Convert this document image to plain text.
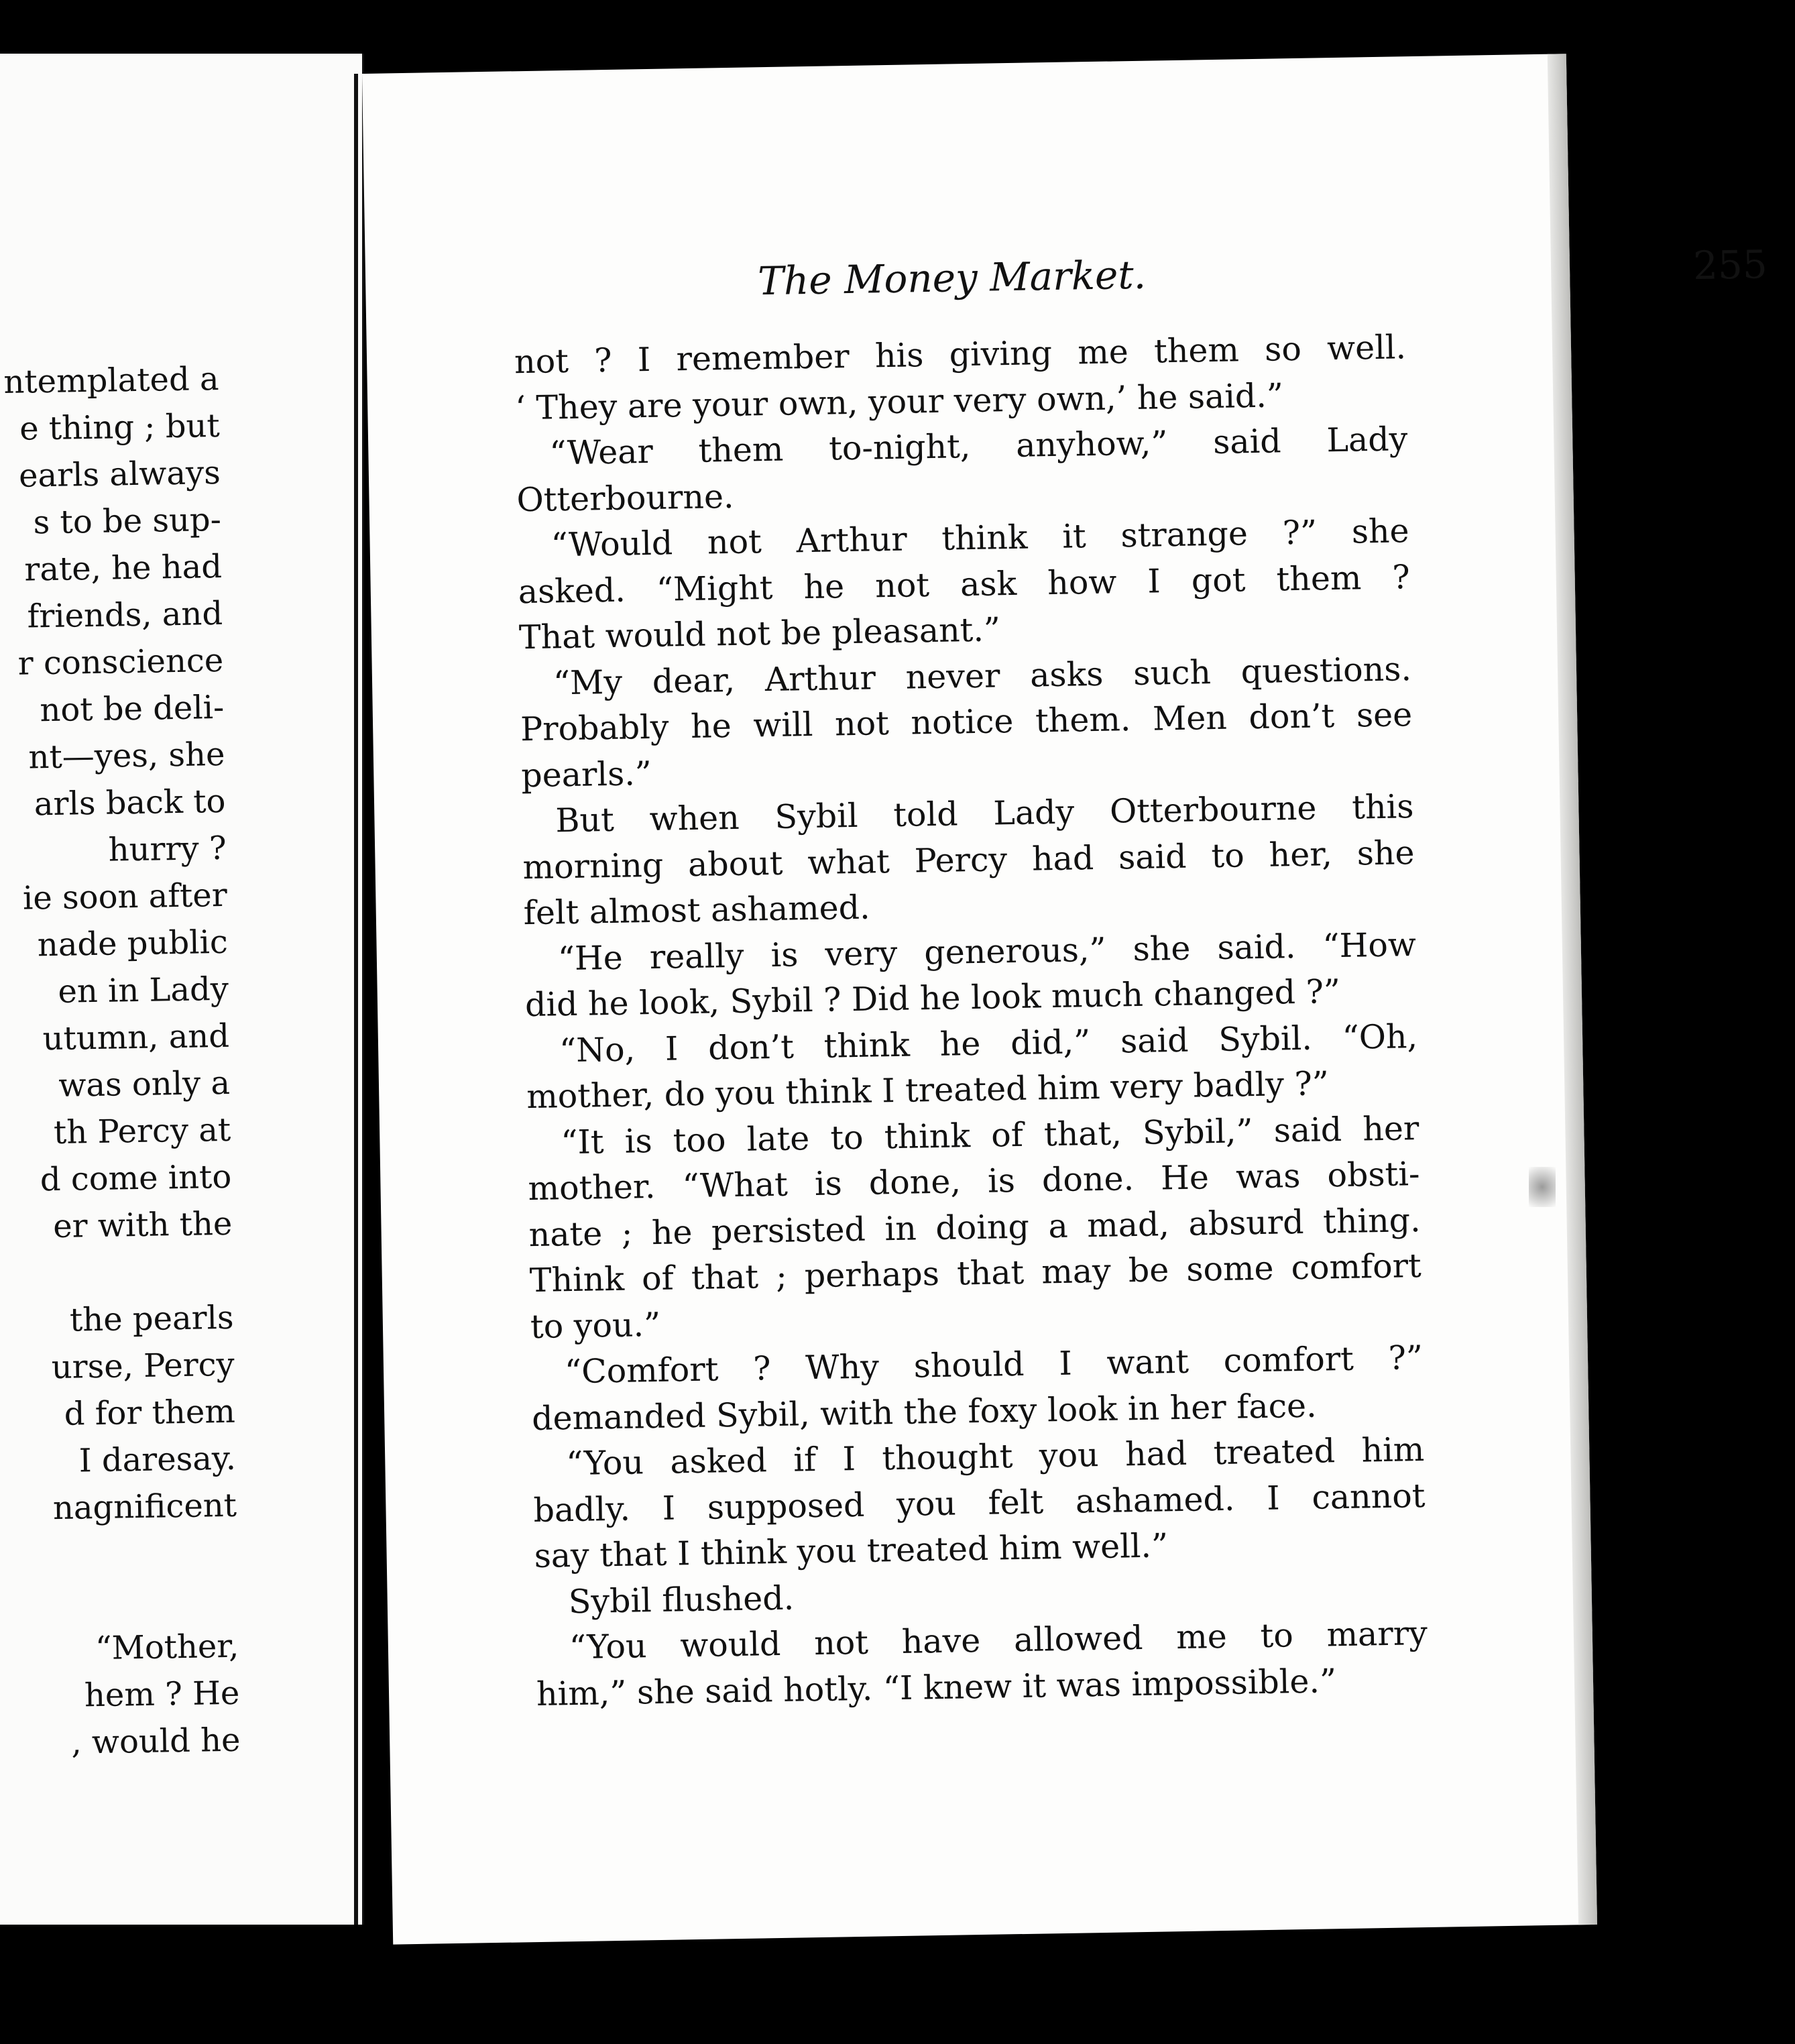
ntemplated a
e thing ; but
earls always
s to be sup-
rate, he had
friends, and
r conscience
not be deli-
nt—yes, she
arls back to
hurry ?
ie soon after
nade public
en in Lady
utumn, and
was only a
th Percy at
d come into
er with the
the pearls
urse, Percy
d for them
I daresay.
nagnificent
“Mother,
hem ? He
, would he
The Money Market.	255
not ? I remember his giving me them so well.
‘ They are your own, your very own,’ he said.”
“Wear them to-night, anyhow,” said Lady
Otterbourne.
“Would not Arthur think it strange ?” she
asked. “Might he not ask how I got them ?
That would not be pleasant.”
“My dear, Arthur never asks such questions.
Probably he will not notice them. Men don’t see
pearls.”
But when Sybil told Lady Otterbourne this
morning about what Percy had said to her, she
felt almost ashamed.
“He really is very generous,” she said. “How
did he look, Sybil ? Did he look much changed ?”
“No, I don’t think he did,” said Sybil. “Oh,
mother, do you think I treated him very badly ?”
“It is too late to think of that, Sybil,” said her
mother. “What is done, is done. He was obsti-
nate ; he persisted in doing a mad, absurd thing.
Think of that ; perhaps that may be some comfort
to you.”
“Comfort ? Why should I want comfort ?”
demanded Sybil, with the foxy look in her face.
“You asked if I thought you had treated him
badly. I supposed you felt ashamed. I cannot
say that I think you treated him well.”
Sybil flushed.
“You would not have allowed me to marry
him,” she said hotly. “I knew it was impossible.”
